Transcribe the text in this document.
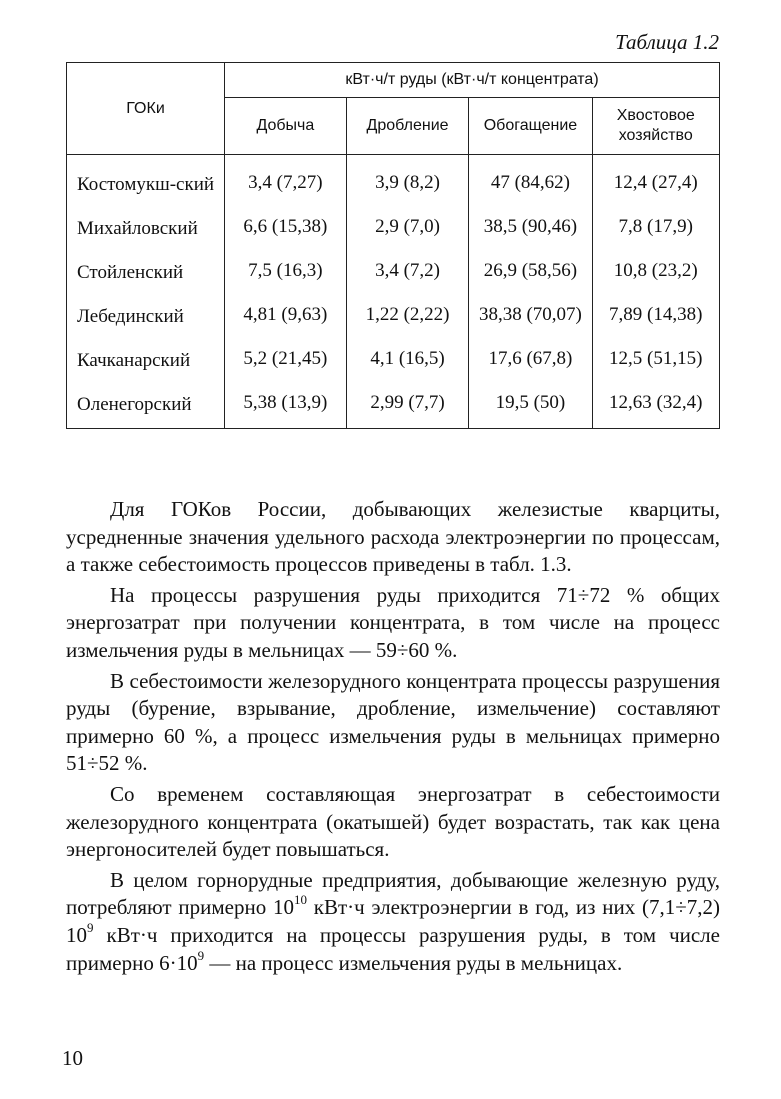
Таблица 1.2
ГОКи	кВт·ч/т руды (кВт·ч/т концентрата)			
	Добыча	Дробление	Обогащение	Хвостовое хозяйство
Костомукш-ский	3,4 (7,27)	3,9 (8,2)	47 (84,62)	12,4 (27,4)
Михайловский	6,6 (15,38)	2,9 (7,0)	38,5 (90,46)	7,8 (17,9)
Стойленский	7,5 (16,3)	3,4 (7,2)	26,9 (58,56)	10,8 (23,2)
Лебединский	4,81 (9,63)	1,22 (2,22)	38,38 (70,07)	7,89 (14,38)
Качканарский	5,2 (21,45)	4,1 (16,5)	17,6 (67,8)	12,5 (51,15)
Оленегорский	5,38 (13,9)	2,99 (7,7)	19,5 (50)	12,63 (32,4)

Для ГОКов России, добывающих железистые кварциты, усредненные значения удельного расхода электроэнергии по процессам, а также себестоимость процессов приведены в табл. 1.3.

На процессы разрушения руды приходится 71÷72 % общих энергозатрат при получении концентрата, в том числе на процесс измельчения руды в мельницах — 59÷60 %.

В себестоимости железорудного концентрата процессы разрушения руды (бурение, взрывание, дробление, измельчение) составляют примерно 60 %, а процесс измельчения руды в мельницах примерно 51÷52 %.

Со временем составляющая энергозатрат в себестоимости железорудного концентрата (окатышей) будет возрастать, так как цена энергоносителей будет повышаться.

В целом горнорудные предприятия, добывающие железную руду, потребляют примерно $10^{10}$ кВт·ч электроэнергии в год, из них (7,1÷7,2) $10^9$ кВт·ч приходится на процессы разрушения руды, в том числе примерно $6\cdot 10^9$ — на процесс измельчения руды в мельницах.

10
